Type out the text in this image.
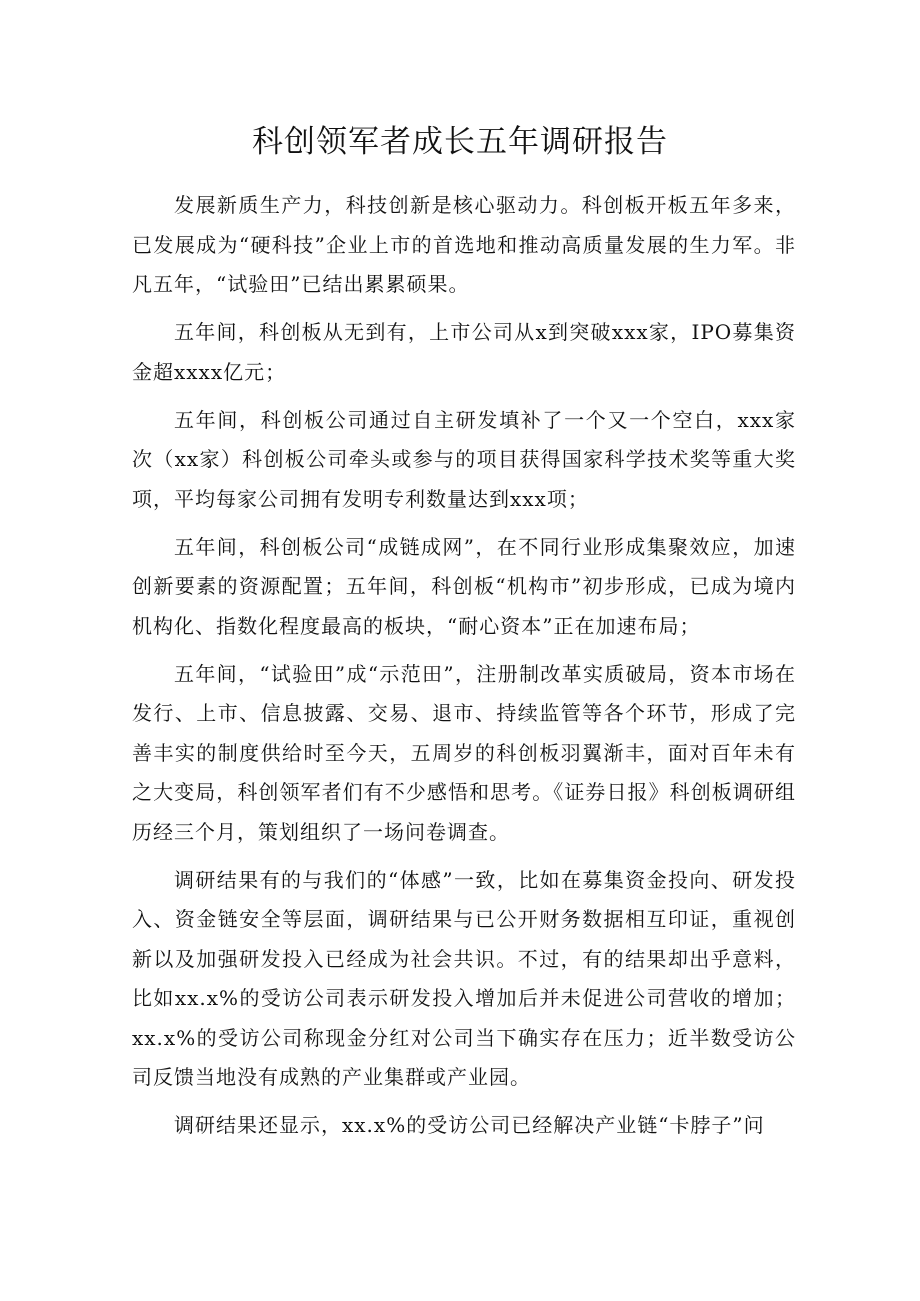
科创领军者成长五年调研报告

发展新质生产力，科技创新是核心驱动力。科创板开板五年多来，已发展成为“硬科技”企业上市的首选地和推动高质量发展的生力军。非凡五年，“试验田”已结出累累硕果。

五年间，科创板从无到有，上市公司从x到突破xxx家，IPO募集资金超xxxx亿元；

五年间，科创板公司通过自主研发填补了一个又一个空白，xxx家次（xx家）科创板公司牵头或参与的项目获得国家科学技术奖等重大奖项，平均每家公司拥有发明专利数量达到xxx项；

五年间，科创板公司“成链成网”，在不同行业形成集聚效应，加速创新要素的资源配置；五年间，科创板“机构市”初步形成，已成为境内机构化、指数化程度最高的板块，“耐心资本”正在加速布局；

五年间，“试验田”成“示范田”，注册制改革实质破局，资本市场在发行、上市、信息披露、交易、退市、持续监管等各个环节，形成了完善丰实的制度供给时至今天，五周岁的科创板羽翼渐丰，面对百年未有之大变局，科创领军者们有不少感悟和思考。《证券日报》科创板调研组历经三个月，策划组织了一场问卷调查。

调研结果有的与我们的“体感”一致，比如在募集资金投向、研发投入、资金链安全等层面，调研结果与已公开财务数据相互印证，重视创新以及加强研发投入已经成为社会共识。不过，有的结果却出乎意料，比如xx.x%的受访公司表示研发投入增加后并未促进公司营收的增加；xx.x%的受访公司称现金分红对公司当下确实存在压力；近半数受访公司反馈当地没有成熟的产业集群或产业园。

调研结果还显示，xx.x%的受访公司已经解决产业链“卡脖子”问
